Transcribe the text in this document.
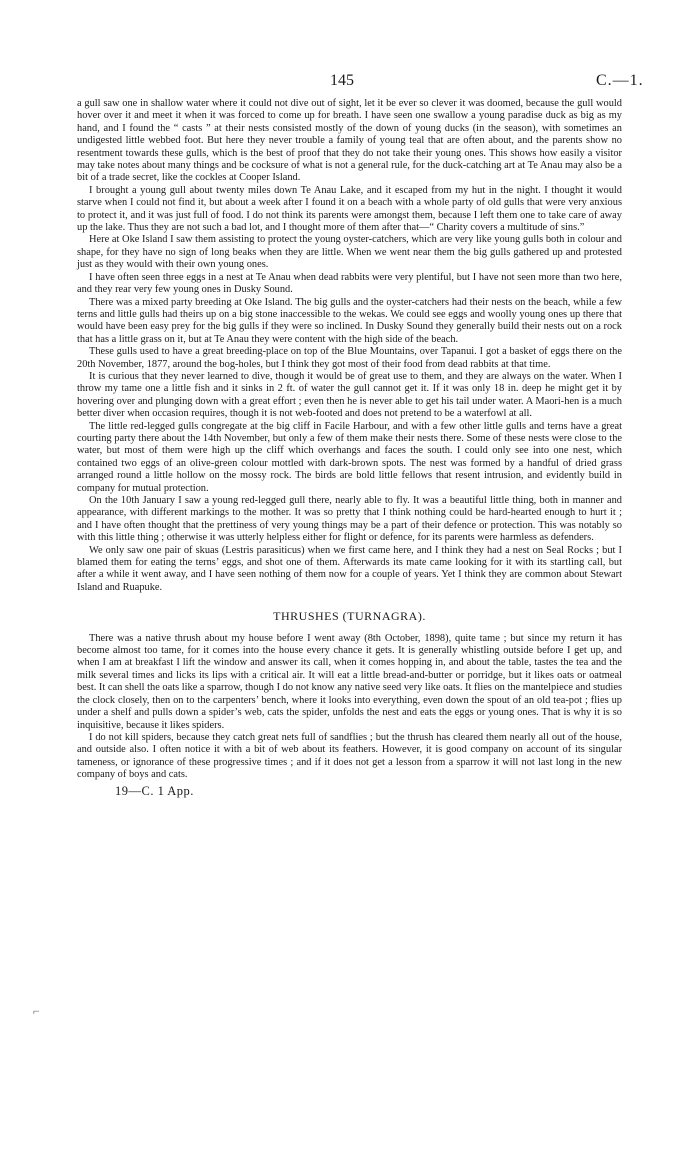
145	C.—1.

a gull saw one in shallow water where it could not dive out of sight, let it be ever so clever it was doomed, because the gull would hover over it and meet it when it was forced to come up for breath. I have seen one swallow a young paradise duck as big as my hand, and I found the “ casts ” at their nests consisted mostly of the down of young ducks (in the season), with sometimes an undigested little webbed foot. But here they never trouble a family of young teal that are often about, and the parents show no resentment towards these gulls, which is the best of proof that they do not take their young ones. This shows how easily a visitor may take notes about many things and be cocksure of what is not a general rule, for the duck-catching art at Te Anau may also be a bit of a trade secret, like the cockles at Cooper Island.

I brought a young gull about twenty miles down Te Anau Lake, and it escaped from my hut in the night. I thought it would starve when I could not find it, but about a week after I found it on a beach with a whole party of old gulls that were very anxious to protect it, and it was just full of food. I do not think its parents were amongst them, because I left them one to take care of away up the lake. Thus they are not such a bad lot, and I thought more of them after that—“ Charity covers a multitude of sins.”

Here at Oke Island I saw them assisting to protect the young oyster-catchers, which are very like young gulls both in colour and shape, for they have no sign of long beaks when they are little. When we went near them the big gulls gathered up and protested just as they would with their own young ones.

I have often seen three eggs in a nest at Te Anau when dead rabbits were very plentiful, but I have not seen more than two here, and they rear very few young ones in Dusky Sound.

There was a mixed party breeding at Oke Island. The big gulls and the oyster-catchers had their nests on the beach, while a few terns and little gulls had theirs up on a big stone inaccessible to the wekas. We could see eggs and woolly young ones up there that would have been easy prey for the big gulls if they were so inclined. In Dusky Sound they generally build their nests out on a rock that has a little grass on it, but at Te Anau they were content with the high side of the beach.

These gulls used to have a great breeding-place on top of the Blue Mountains, over Tapanui. I got a basket of eggs there on the 20th November, 1877, around the bog-holes, but I think they got most of their food from dead rabbits at that time.

It is curious that they never learned to dive, though it would be of great use to them, and they are always on the water. When I throw my tame one a little fish and it sinks in 2 ft. of water the gull cannot get it. If it was only 18 in. deep he might get it by hovering over and plunging down with a great effort ; even then he is never able to get his tail under water. A Maori-hen is a much better diver when occasion requires, though it is not web-footed and does not pretend to be a waterfowl at all.

The little red-legged gulls congregate at the big cliff in Facile Harbour, and with a few other little gulls and terns have a great courting party there about the 14th November, but only a few of them make their nests there. Some of these nests were close to the water, but most of them were high up the cliff which overhangs and faces the south. I could only see into one nest, which contained two eggs of an olive-green colour mottled with dark-brown spots. The nest was formed by a handful of dried grass arranged round a little hollow on the mossy rock. The birds are bold little fellows that resent intrusion, and evidently build in company for mutual protection.

On the 10th January I saw a young red-legged gull there, nearly able to fly. It was a beautiful little thing, both in manner and appearance, with different markings to the mother. It was so pretty that I think nothing could be hard-hearted enough to hurt it ; and I have often thought that the prettiness of very young things may be a part of their defence or protection. This was notably so with this little thing ; otherwise it was utterly helpless either for flight or defence, for its parents were harmless as defenders.

We only saw one pair of skuas (Lestris parasiticus) when we first came here, and I think they had a nest on Seal Rocks ; but I blamed them for eating the terns’ eggs, and shot one of them. Afterwards its mate came looking for it with its startling call, but after a while it went away, and I have seen nothing of them now for a couple of years. Yet I think they are common about Stewart Island and Ruapuke.

THRUSHES (TURNAGRA).

There was a native thrush about my house before I went away (8th October, 1898), quite tame ; but since my return it has become almost too tame, for it comes into the house every chance it gets. It is generally whistling outside before I get up, and when I am at breakfast I lift the window and answer its call, when it comes hopping in, and about the table, tastes the tea and the milk several times and licks its lips with a critical air. It will eat a little bread-and-butter or porridge, but it likes oats or oatmeal best. It can shell the oats like a sparrow, though I do not know any native seed very like oats. It flies on the mantelpiece and studies the clock closely, then on to the carpenters’ bench, where it looks into everything, even down the spout of an old tea-pot ; flies up under a shelf and pulls down a spider’s web, cats the spider, unfolds the nest and eats the eggs or young ones. That is why it is so inquisitive, because it likes spiders.

I do not kill spiders, because they catch great nets full of sandflies ; but the thrush has cleared them nearly all out of the house, and outside also. I often notice it with a bit of web about its feathers. However, it is good company on account of its singular tameness, or ignorance of these progressive times ; and if it does not get a lesson from a sparrow it will not last long in the new company of boys and cats.

19—C. 1 App.
⌐
